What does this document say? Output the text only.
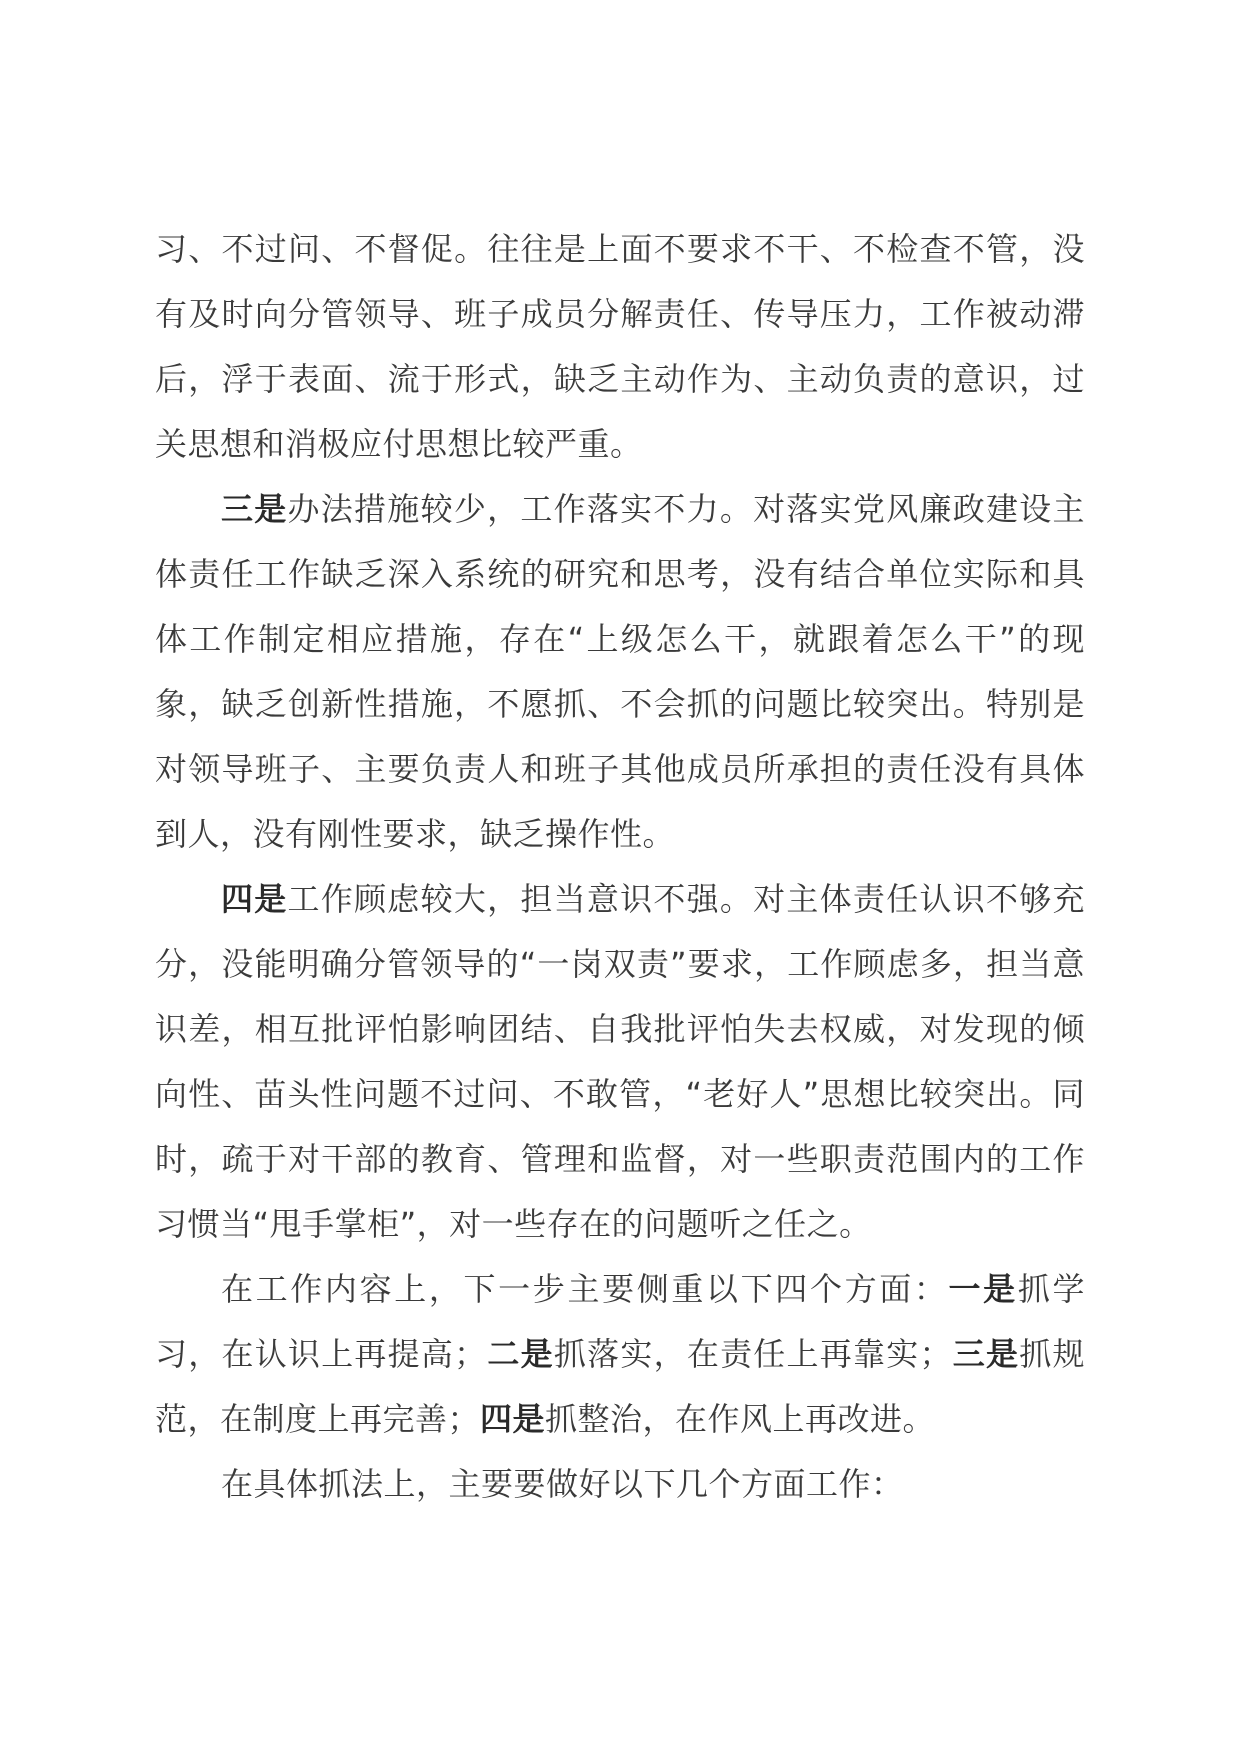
习、不过问、不督促。往往是上面不要求不干、不检查不管，没有及时向分管领导、班子成员分解责任、传导压力，工作被动滞后，浮于表面、流于形式，缺乏主动作为、主动负责的意识，过关思想和消极应付思想比较严重。

三是办法措施较少，工作落实不力。对落实党风廉政建设主体责任工作缺乏深入系统的研究和思考，没有结合单位实际和具体工作制定相应措施，存在“上级怎么干，就跟着怎么干”的现象，缺乏创新性措施，不愿抓、不会抓的问题比较突出。特别是对领导班子、主要负责人和班子其他成员所承担的责任没有具体到人，没有刚性要求，缺乏操作性。

四是工作顾虑较大，担当意识不强。对主体责任认识不够充分，没能明确分管领导的“一岗双责”要求，工作顾虑多，担当意识差，相互批评怕影响团结、自我批评怕失去权威，对发现的倾向性、苗头性问题不过问、不敢管，“老好人”思想比较突出。同时，疏于对干部的教育、管理和监督，对一些职责范围内的工作习惯当“甩手掌柜”，对一些存在的问题听之任之。

在工作内容上，下一步主要侧重以下四个方面：一是抓学习，在认识上再提高；二是抓落实，在责任上再靠实；三是抓规范，在制度上再完善；四是抓整治，在作风上再改进。

在具体抓法上，主要要做好以下几个方面工作：
